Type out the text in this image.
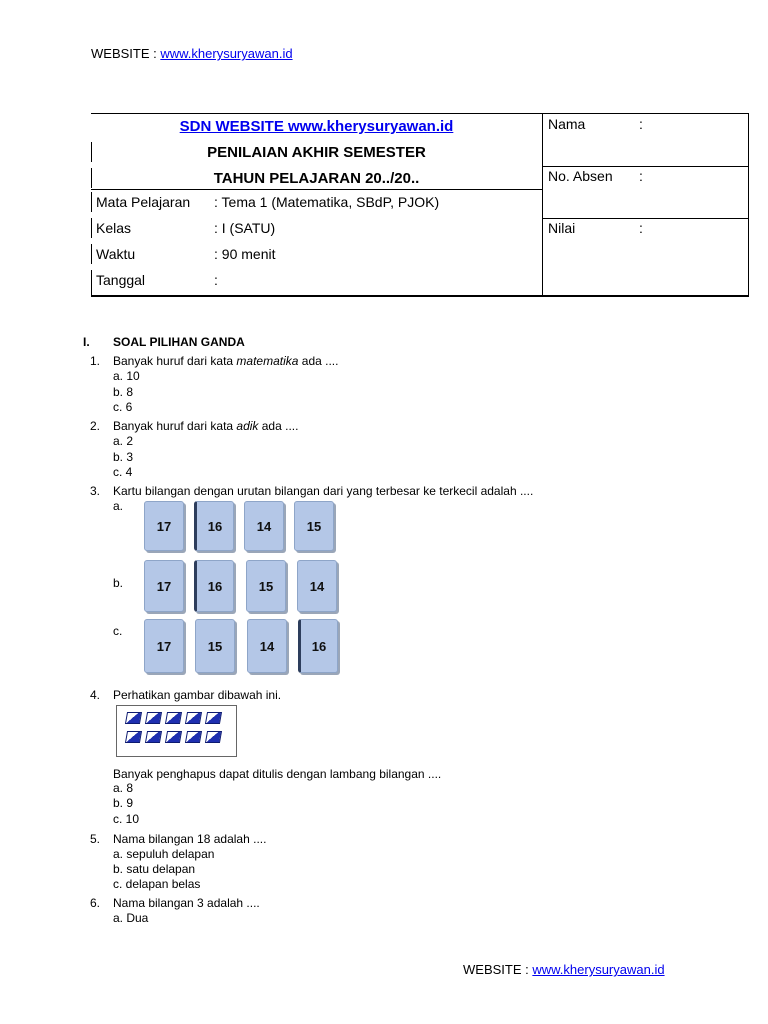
WEBSITE : www.kherysuryawan.id
SDN WEBSITE www.kherysuryawan.id
PENILAIAN AKHIR SEMESTER
TAHUN PELAJARAN 20../20..
Mata Pelajaran : Tema 1 (Matematika, SBdP, PJOK)
Kelas	: I (SATU)
Waktu	: 90 menit
Tanggal	:
Nama	:
No. Absen :
Nilai	:
I. SOAL PILIHAN GANDA
1. Banyak huruf dari kata matematika ada ....
a. 10
b. 8
c. 6
2. Banyak huruf dari kata adik ada ....
a. 2
b. 3
c. 4
3. Kartu bilangan dengan urutan bilangan dari yang terbesar ke terkecil adalah ....
a.
b.
c.
17	16	14	15
17	16	15	14
17	15	14	16
4. Perhatikan gambar dibawah ini.
Banyak penghapus dapat ditulis dengan lambang bilangan ....
a. 8
b. 9
c. 10
5. Nama bilangan 18 adalah ....
a. sepuluh delapan
b. satu delapan
c. delapan belas
6. Nama bilangan 3 adalah ....
a. Dua
WEBSITE : www.kherysuryawan.id
